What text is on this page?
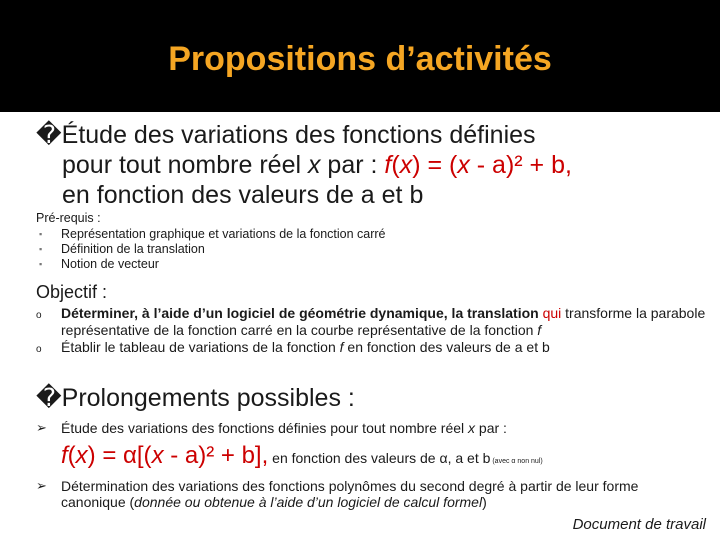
Propositions d’activités
�Étude des variations des fonctions définies
pour tout nombre réel x par : f(x) = (x - a)² + b,
en fonction des valeurs de a et b
Pré-requis :
▪ Représentation graphique et variations de la fonction carré
▪ Définition de la translation
▪ Notion de vecteur
Objectif :
o Déterminer, à l’aide d’un logiciel de géométrie dynamique, la translation qui transforme la parabole représentative de la fonction carré en la courbe représentative de la fonction f
o Établir le tableau de variations de la fonction f en fonction des valeurs de a et b
�Prolongements possibles :
➢ Étude des variations des fonctions définies pour tout nombre réel x par :
f(x) = α[(x - a)² + b], en fonction des valeurs de α, a et b (avec α non nul)
➢ Détermination des variations des fonctions polynômes du second degré à partir de leur forme canonique (donnée ou obtenue à l’aide d’un logiciel de calcul formel)
Document de travail
